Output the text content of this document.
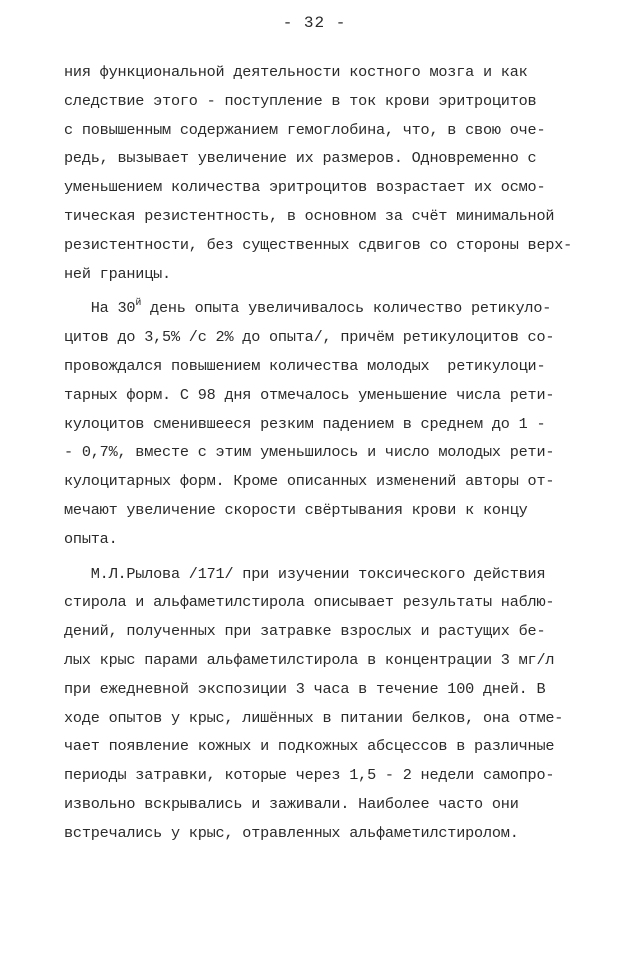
- 32 -
ния функциональной деятельности костного мозга и как
следствие этого - поступление в ток крови эритроцитов
с повышенным содержанием гемоглобина, что, в свою оче-
редь, вызывает увеличение их размеров. Одновременно с
уменьшением количества эритроцитов возрастает их осмо-
тическая резистентность, в основном за счёт минимальной
резистентности, без существенных сдвигов со стороны верх-
ней границы.
На $30^й$ день опыта увеличивалось количество ретикуло-
цитов до 3,5% /с 2% до опыта/, причём ретикулоцитов со-
провождался повышением количества молодых  ретикулоци-
тарных форм. С 98 дня отмечалось уменьшение числа рети-
кулоцитов сменившееся резким падением в среднем до 1 -
- 0,7%, вместе с этим уменьшилось и число молодых рети-
кулоцитарных форм. Кроме описанных изменений авторы от-
мечают увеличение скорости свёртывания крови к концу
опыта.
М.Л.Рылова /171/ при изучении токсического действия
стирола и альфаметилстирола описывает результаты наблю-
дений, полученных при затравке взрослых и растущих бе-
лых крыс парами альфаметилстирола в концентрации 3 мг/л
при ежедневной экспозиции 3 часа в течение 100 дней. В
ходе опытов у крыс, лишённых в питании белков, она отме-
чает появление кожных и подкожных абсцессов в различные
периоды затравки, которые через 1,5 - 2 недели самопро-
извольно вскрывались и заживали. Наиболее часто они
встречались у крыс, отравленных альфаметилстиролом.
